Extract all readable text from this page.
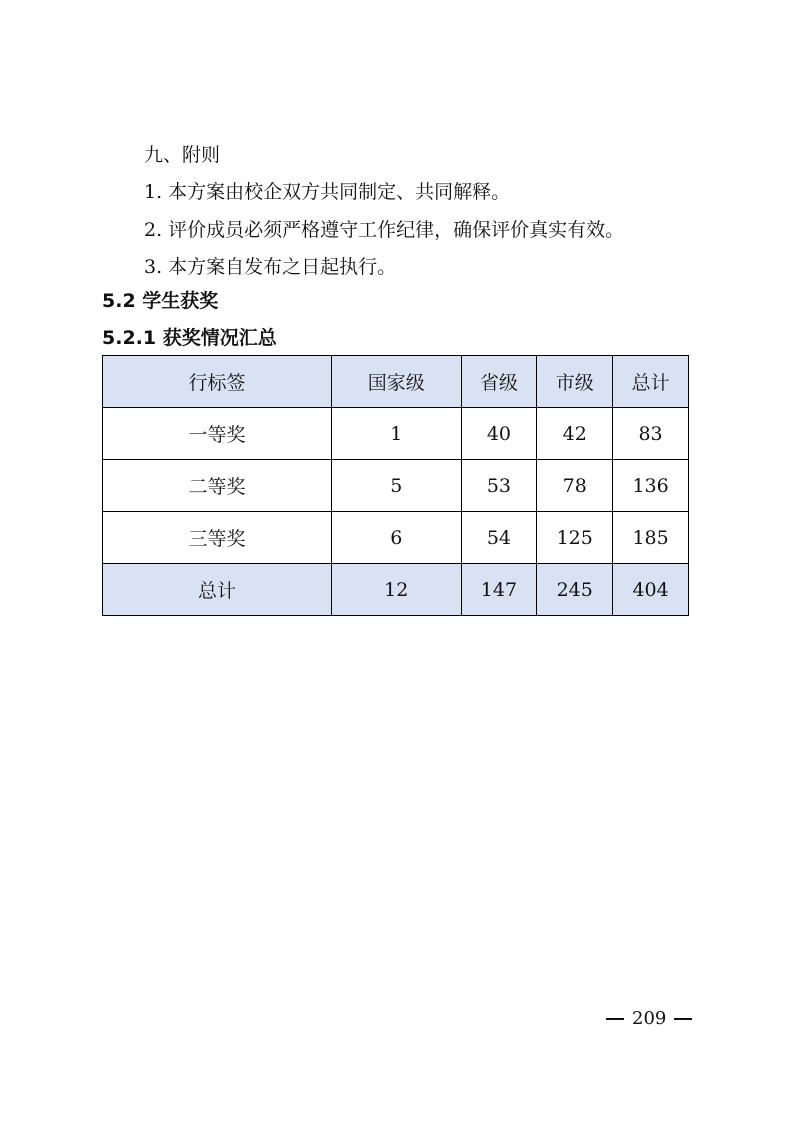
九、附则
1. 本方案由校企双方共同制定、共同解释。
2. 评价成员必须严格遵守工作纪律，确保评价真实有效。
3. 本方案自发布之日起执行。
5.2 学生获奖
5.2.1 获奖情况汇总
行标签	国家级	省级	市级	总计
一等奖	1	40	42	83
二等奖	5	53	78	136
三等奖	6	54	125	185
总计	12	147	245	404
209
